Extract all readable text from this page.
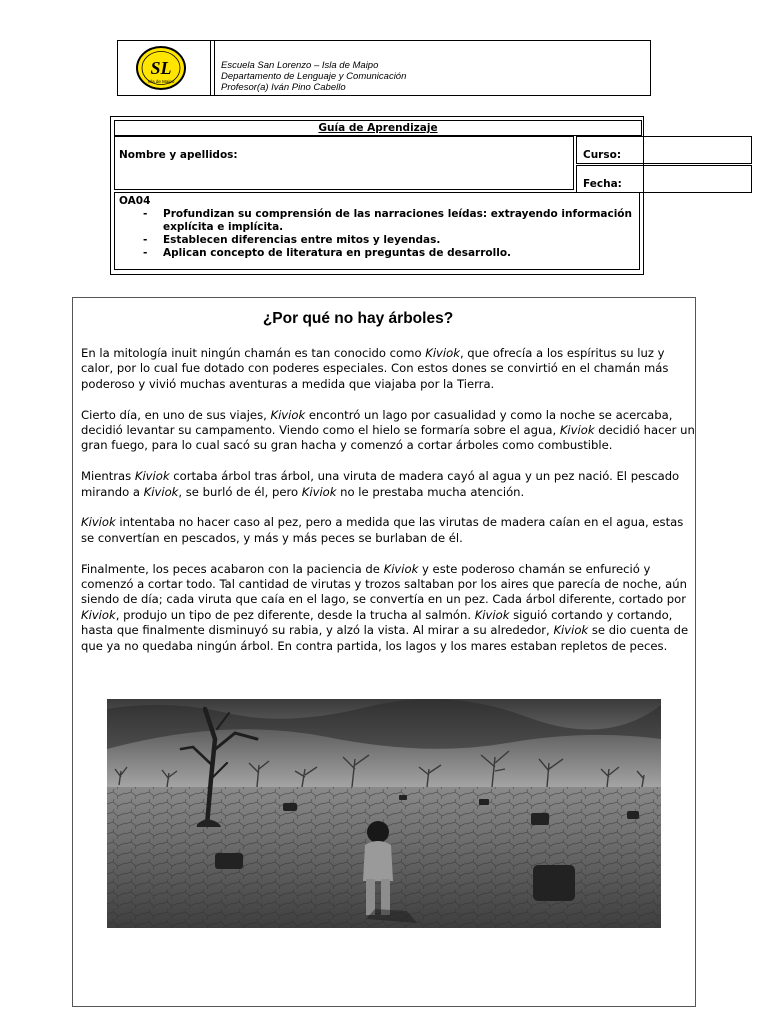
SL
Isla de Maipo
Escuela San Lorenzo – Isla de Maipo
Departamento de Lenguaje y Comunicación
Profesor(a) Iván Pino Cabello
Guía de Aprendizaje
Nombre y apellidos:	Curso:
Fecha:
OA04
- Profundizan su comprensión de las narraciones leídas: extrayendo información explícita e implícita.
- Establecen diferencias entre mitos y leyendas.
- Aplican concepto de literatura en preguntas de desarrollo.
¿Por qué no hay árboles?

En la mitología inuit ningún chamán es tan conocido como Kiviok, que ofrecía a los espíritus su luz y calor, por lo cual fue dotado con poderes especiales. Con estos dones se convirtió en el chamán más poderoso y vivió muchas aventuras a medida que viajaba por la Tierra.

Cierto día, en uno de sus viajes, Kiviok encontró un lago por casualidad y como la noche se acercaba, decidió levantar su campamento. Viendo como el hielo se formaría sobre el agua, Kiviok decidió hacer un gran fuego, para lo cual sacó su gran hacha y comenzó a cortar árboles como combustible.

Mientras Kiviok cortaba árbol tras árbol, una viruta de madera cayó al agua y un pez nació. El pescado mirando a Kiviok, se burló de él, pero Kiviok no le prestaba mucha atención.

Kiviok intentaba no hacer caso al pez, pero a medida que las virutas de madera caían en el agua, estas se convertían en pescados, y más y más peces se burlaban de él.

Finalmente, los peces acabaron con la paciencia de Kiviok y este poderoso chamán se enfureció y comenzó a cortar todo. Tal cantidad de virutas y trozos saltaban por los aires que parecía de noche, aún siendo de día; cada viruta que caía en el lago, se convertía en un pez. Cada árbol diferente, cortado por Kiviok, produjo un tipo de pez diferente, desde la trucha al salmón. Kiviok siguió cortando y cortando, hasta que finalmente disminuyó su rabia, y alzó la vista. Al mirar a su alrededor, Kiviok se dio cuenta de que ya no quedaba ningún árbol. En contra partida, los lagos y los mares estaban repletos de peces.
